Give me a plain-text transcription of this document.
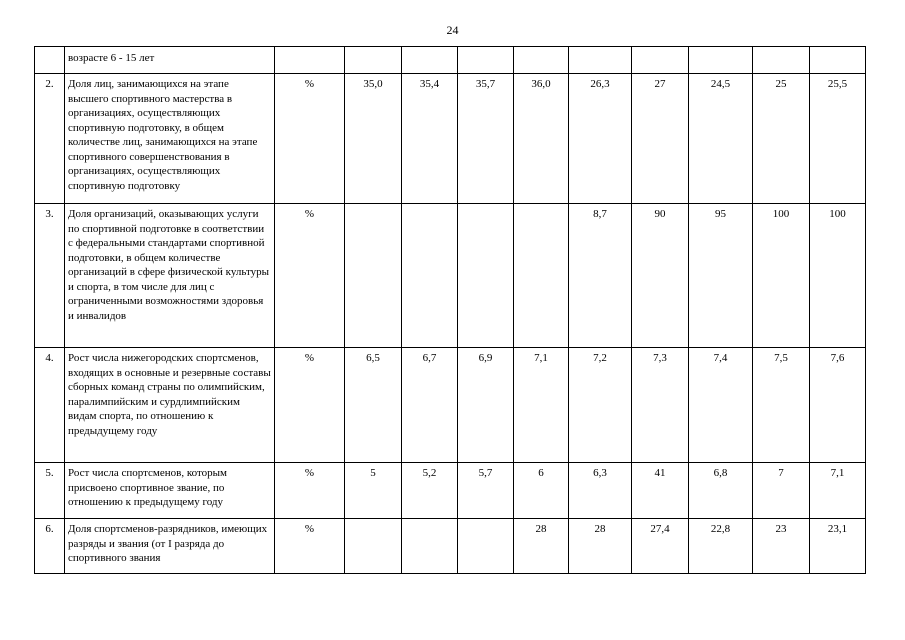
24
	возрасте 6 - 15 лет										
2.	Доля лиц, занимающихся на этапе высшего спортивного мастерства в организациях, осуществляющих спортивную подготовку, в общем количестве лиц, занимающихся на этапе спортивного совершенствования в организациях, осуществляющих спортивную подготовку	%	35,0	35,4	35,7	36,0	26,3	27	24,5	25	25,5
3.	Доля организаций, оказывающих услуги по спортивной подготовке в соответствии с федеральными стандартами спортивной подготовки, в общем количестве организаций в сфере физической культуры и спорта, в том числе для лиц с ограниченными возможностями здоровья и инвалидов	%					8,7	90	95	100	100
4.	Рост числа нижегородских спортсменов, входящих в основные и резервные составы сборных команд страны по олимпийским, паралимпийским и сурдлимпийским видам спорта, по отношению к предыдущему году	%	6,5	6,7	6,9	7,1	7,2	7,3	7,4	7,5	7,6
5.	Рост числа спортсменов, которым присвоено спортивное звание, по отношению к предыдущему году	%	5	5,2	5,7	6	6,3	41	6,8	7	7,1
6.	Доля спортсменов-разрядников, имеющих разряды и звания (от I разряда до спортивного звания	%				28	28	27,4	22,8	23	23,1
